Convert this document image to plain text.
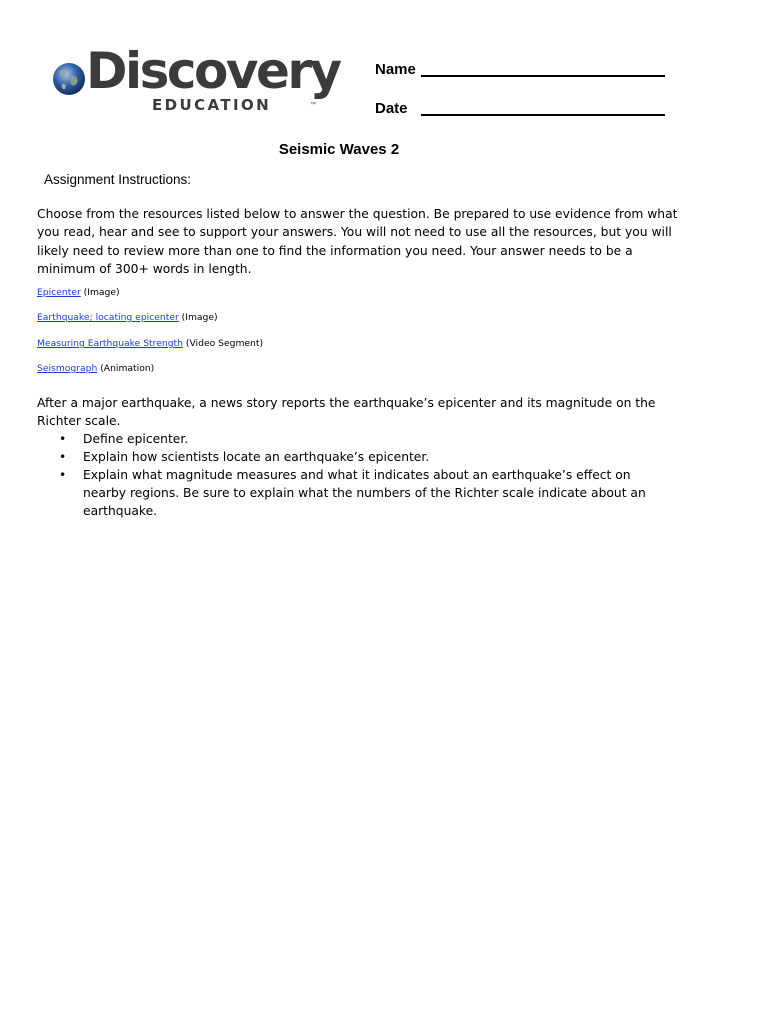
Discovery
EDUCATION	™
Name
Date
Seismic Waves 2
Assignment Instructions:
Choose from the resources listed below to answer the question. Be prepared to use evidence from what you read, hear and see to support your answers. You will not need to use all the resources, but you will likely need to review more than one to find the information you need. Your answer needs to be a minimum of 300+ words in length.
Epicenter (Image)
Earthquake; locating epicenter (Image)
Measuring Earthquake Strength (Video Segment)
Seismograph (Animation)
After a major earthquake, a news story reports the earthquake’s epicenter and its magnitude on the Richter scale.
• Define epicenter.
• Explain how scientists locate an earthquake’s epicenter.
• Explain what magnitude measures and what it indicates about an earthquake’s effect on nearby regions. Be sure to explain what the numbers of the Richter scale indicate about an earthquake.
